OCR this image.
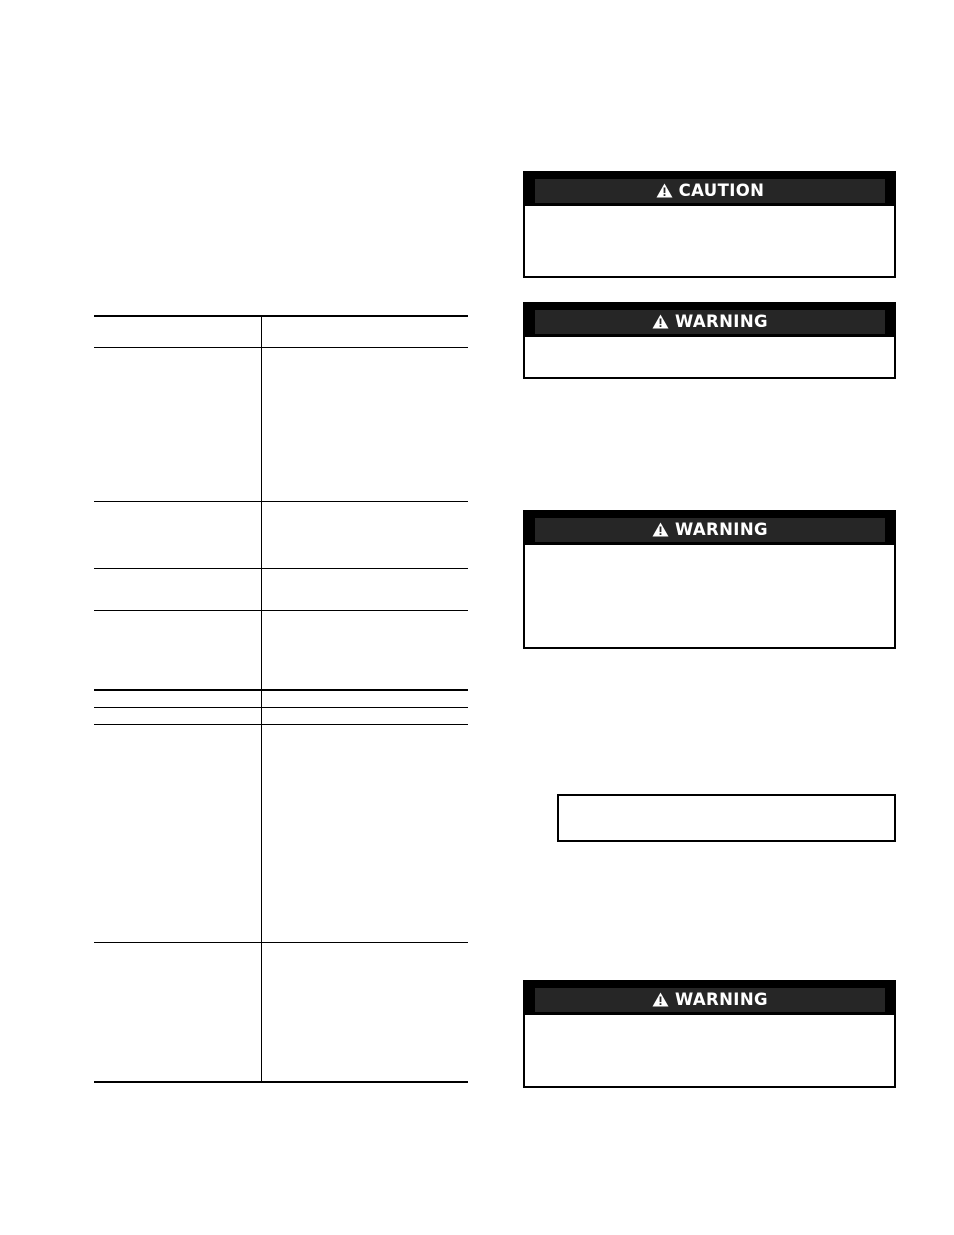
CAUTION
WARNING
WARNING
WARNING
